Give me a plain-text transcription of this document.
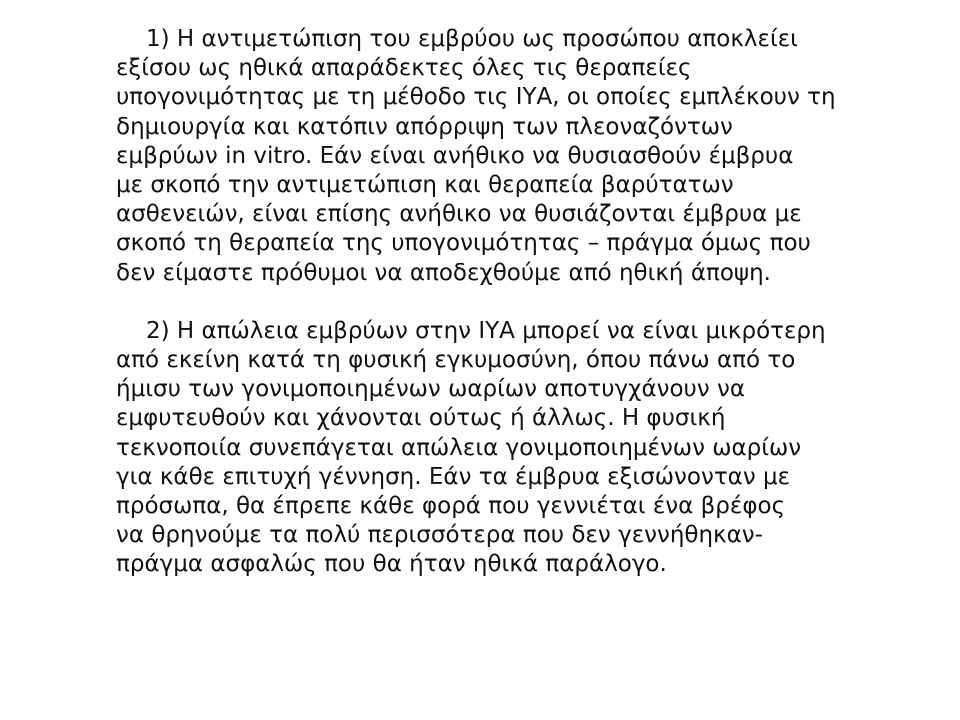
1) Η αντιμετώπιση του εμβρύου ως προσώπου αποκλείει
εξίσου ως ηθικά απαράδεκτες όλες τις θεραπείες
υπογονιμότητας με τη μέθοδο τις ΙΥΑ, οι οποίες εμπλέκουν τη
δημιουργία και κατόπιν απόρριψη των πλεοναζόντων
εμβρύων in vitro. Εάν είναι ανήθικο να θυσιασθούν έμβρυα
με σκοπό την αντιμετώπιση και θεραπεία βαρύτατων
ασθενειών, είναι επίσης ανήθικο να θυσιάζονται έμβρυα με
σκοπό τη θεραπεία της υπογονιμότητας – πράγμα όμως που
δεν είμαστε πρόθυμοι να αποδεχθούμε από ηθική άποψη.

2) Η απώλεια εμβρύων στην ΙΥΑ μπορεί να είναι μικρότερη
από εκείνη κατά τη φυσική εγκυμοσύνη, όπου πάνω από το
ήμισυ των γονιμοποιημένων ωαρίων αποτυγχάνουν να
εμφυτευθούν και χάνονται ούτως ή άλλως. Η φυσική
τεκνοποιία συνεπάγεται απώλεια γονιμοποιημένων ωαρίων
για κάθε επιτυχή γέννηση. Εάν τα έμβρυα εξισώνονταν με
πρόσωπα, θα έπρεπε κάθε φορά που γεννιέται ένα βρέφος
να θρηνούμε τα πολύ περισσότερα που δεν γεννήθηκαν-
πράγμα ασφαλώς που θα ήταν ηθικά παράλογο.
